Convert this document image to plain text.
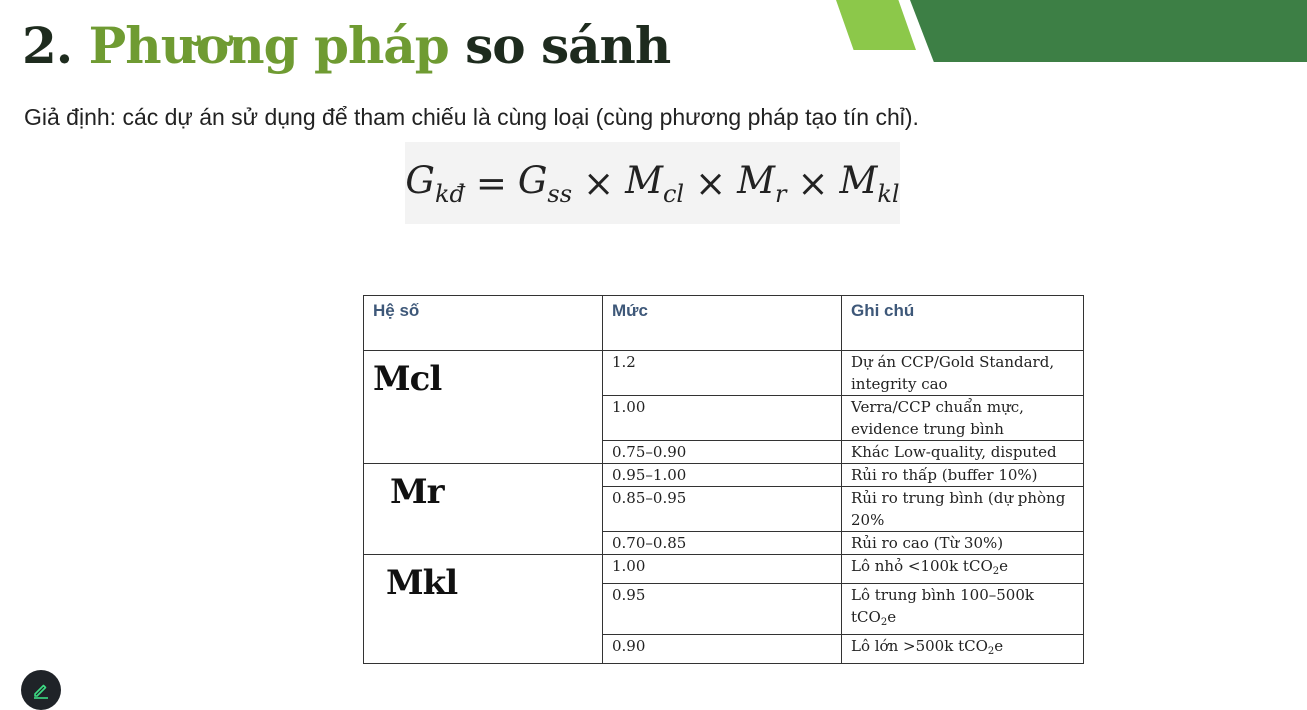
2. Phương pháp so sánh
Giả định: các dự án sử dụng để tham chiếu là cùng loại (cùng phương pháp tạo tín chỉ).
$G_{kđ} = G_{ss} \times M_{cl} \times M_r \times M_{kl}$
Hệ số	Mức	Ghi chú
Mcl	1.2	Dự án CCP/Gold Standard, integrity cao
	1.00	Verra/CCP chuẩn mực, evidence trung bình
	0.75–0.90	Khác Low-quality, disputed
Mr	0.95–1.00	Rủi ro thấp (buffer 10%)
	0.85–0.95	Rủi ro trung bình (dự phòng 20%
	0.70–0.85	Rủi ro cao (Từ 30%)
Mkl	1.00	Lô nhỏ <100k tCO$_2$e
	0.95	Lô trung bình 100–500k tCO$_2$e
	0.90	Lô lớn >500k tCO$_2$e
